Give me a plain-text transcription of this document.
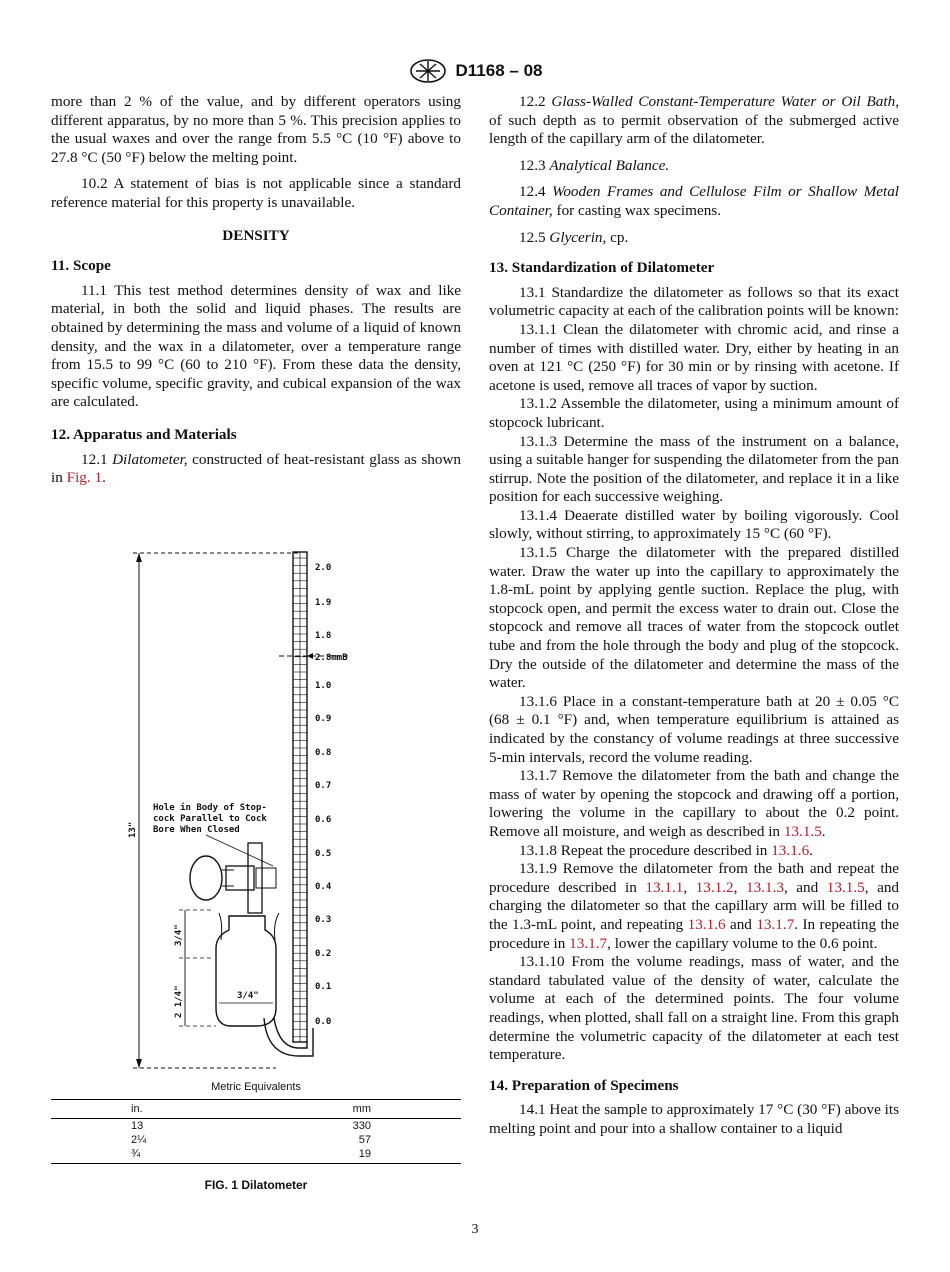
D1168 – 08

more than 2 % of the value, and by different operators using different apparatus, by no more than 5 %. This precision applies to the usual waxes and over the range from 5.5 °C (10 °F) above to 27.8 °C (50 °F) below the melting point.

10.2 A statement of bias is not applicable since a standard reference material for this property is unavailable.

DENSITY
11. Scope

11.1 This test method determines density of wax and like material, in both the solid and liquid phases. The results are obtained by determining the mass and volume of a liquid of known density, and the wax in a dilatometer, over a temperature range from 15.5 to 99 °C (60 to 210 °F). From these data the density, specific volume, specific gravity, and cubical expansion of the wax are calculated.

12. Apparatus and Materials

12.1 Dilatometer, constructed of heat-resistant glass as shown in Fig. 1.

13"
2.8mmB
2.0
1.9
1.8
1.0
0.9
0.8
0.7
0.6
0.5
0.4
0.3
0.2
0.1
0.0
Hole in Body of Stop-
cock Parallel to Cock
Bore When Closed
3/4"
2 1/4"	3/4"
Metric Equivalents
in.	mm
13	330
2¼	57
¾	19
FIG. 1 Dilatometer

12.2 Glass-Walled Constant-Temperature Water or Oil Bath, of such depth as to permit observation of the submerged active length of the capillary arm of the dilatometer.

12.3 Analytical Balance.

12.4 Wooden Frames and Cellulose Film or Shallow Metal Container, for casting wax specimens.

12.5 Glycerin, cp.

13. Standardization of Dilatometer

13.1 Standardize the dilatometer as follows so that its exact volumetric capacity at each of the calibration points will be known:

13.1.1 Clean the dilatometer with chromic acid, and rinse a number of times with distilled water. Dry, either by heating in an oven at 121 °C (250 °F) for 30 min or by rinsing with acetone. If acetone is used, remove all traces of vapor by suction.

13.1.2 Assemble the dilatometer, using a minimum amount of stopcock lubricant.

13.1.3 Determine the mass of the instrument on a balance, using a suitable hanger for suspending the dilatometer from the pan stirrup. Note the position of the dilatometer, and replace it in a like position for each successive weighing.

13.1.4 Deaerate distilled water by boiling vigorously. Cool slowly, without stirring, to approximately 15 °C (60 °F).

13.1.5 Charge the dilatometer with the prepared distilled water. Draw the water up into the capillary to approximately the 1.8-mL point by applying gentle suction. Replace the plug, with stopcock open, and permit the excess water to drain out. Close the stopcock and remove all traces of water from the stopcock outlet tube and from the hole through the body and plug of the stopcock. Dry the outside of the dilatometer and determine the mass of the water.

13.1.6 Place in a constant-temperature bath at 20 ± 0.05 °C (68 ± 0.1 °F) and, when temperature equilibrium is attained as indicated by the constancy of volume readings at three successive 5-min intervals, record the volume reading.

13.1.7 Remove the dilatometer from the bath and change the mass of water by opening the stopcock and drawing off a portion, lowering the volume in the capillary to about the 0.2 point. Remove all moisture, and weigh as described in 13.1.5.

13.1.8 Repeat the procedure described in 13.1.6.

13.1.9 Remove the dilatometer from the bath and repeat the procedure described in 13.1.1, 13.1.2, 13.1.3, and 13.1.5, and charging the dilatometer so that the capillary arm will be filled to the 1.3-mL point, and repeating 13.1.6 and 13.1.7. In repeating the procedure in 13.1.7, lower the capillary volume to the 0.6 point.

13.1.10 From the volume readings, mass of water, and the standard tabulated value of the density of water, calculate the volume at each of the determined points. The four volume readings, when plotted, shall fall on a straight line. From this graph determine the volumetric capacity of the dilatometer at each test temperature.

14. Preparation of Specimens

14.1 Heat the sample to approximately 17 °C (30 °F) above its melting point and pour into a shallow container to a liquid

3
